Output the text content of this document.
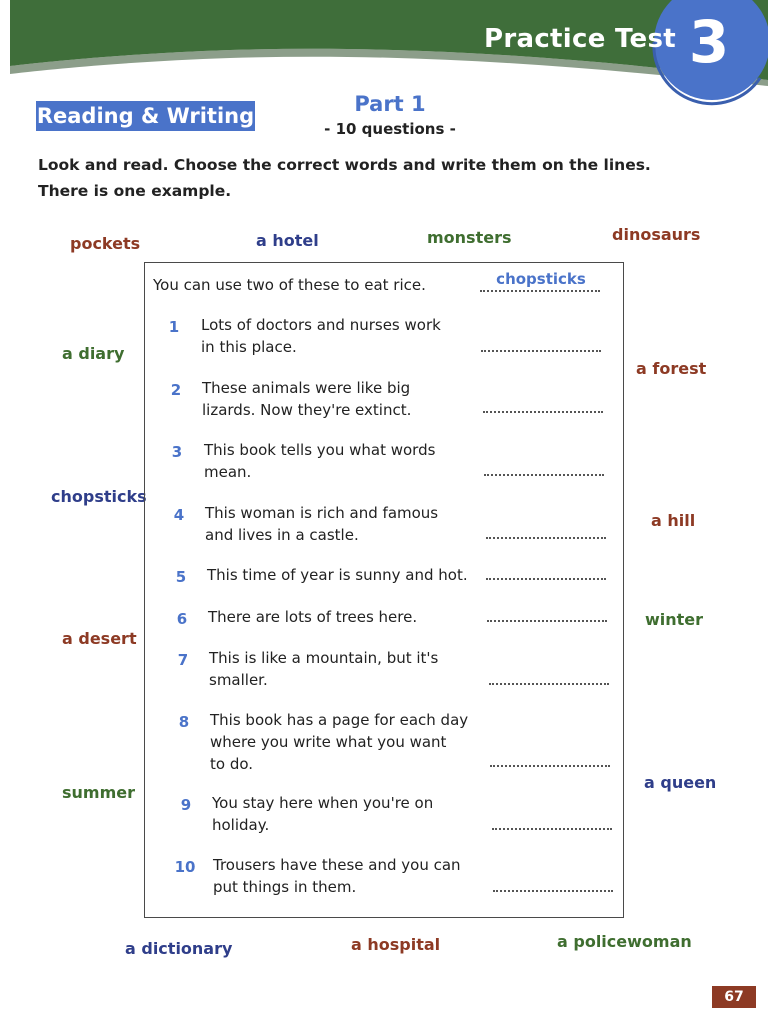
Practice Test 3
Reading & Writing	Part 1
- 10 questions -
Look and read. Choose the correct words and write them on the lines.
There is one example.
pockets	a hotel	monsters	dinosaurs
a diary
a forest
chopsticks
a hill
a desert
winter
summer
a queen
a dictionary	a hospital	a policewoman
You can use two of these to eat rice.	chopsticks
1	Lots of doctors and nurses work
in this place.
2	These animals were like big
lizards. Now they're extinct.
3	This book tells you what words
mean.
4	This woman is rich and famous
and lives in a castle.
5	This time of year is sunny and hot.
6	There are lots of trees here.
7	This is like a mountain, but it's
smaller.
8	This book has a page for each day
where you write what you want
to do.
9	You stay here when you're on
holiday.
10 Trousers have these and you can
put things in them.
67
